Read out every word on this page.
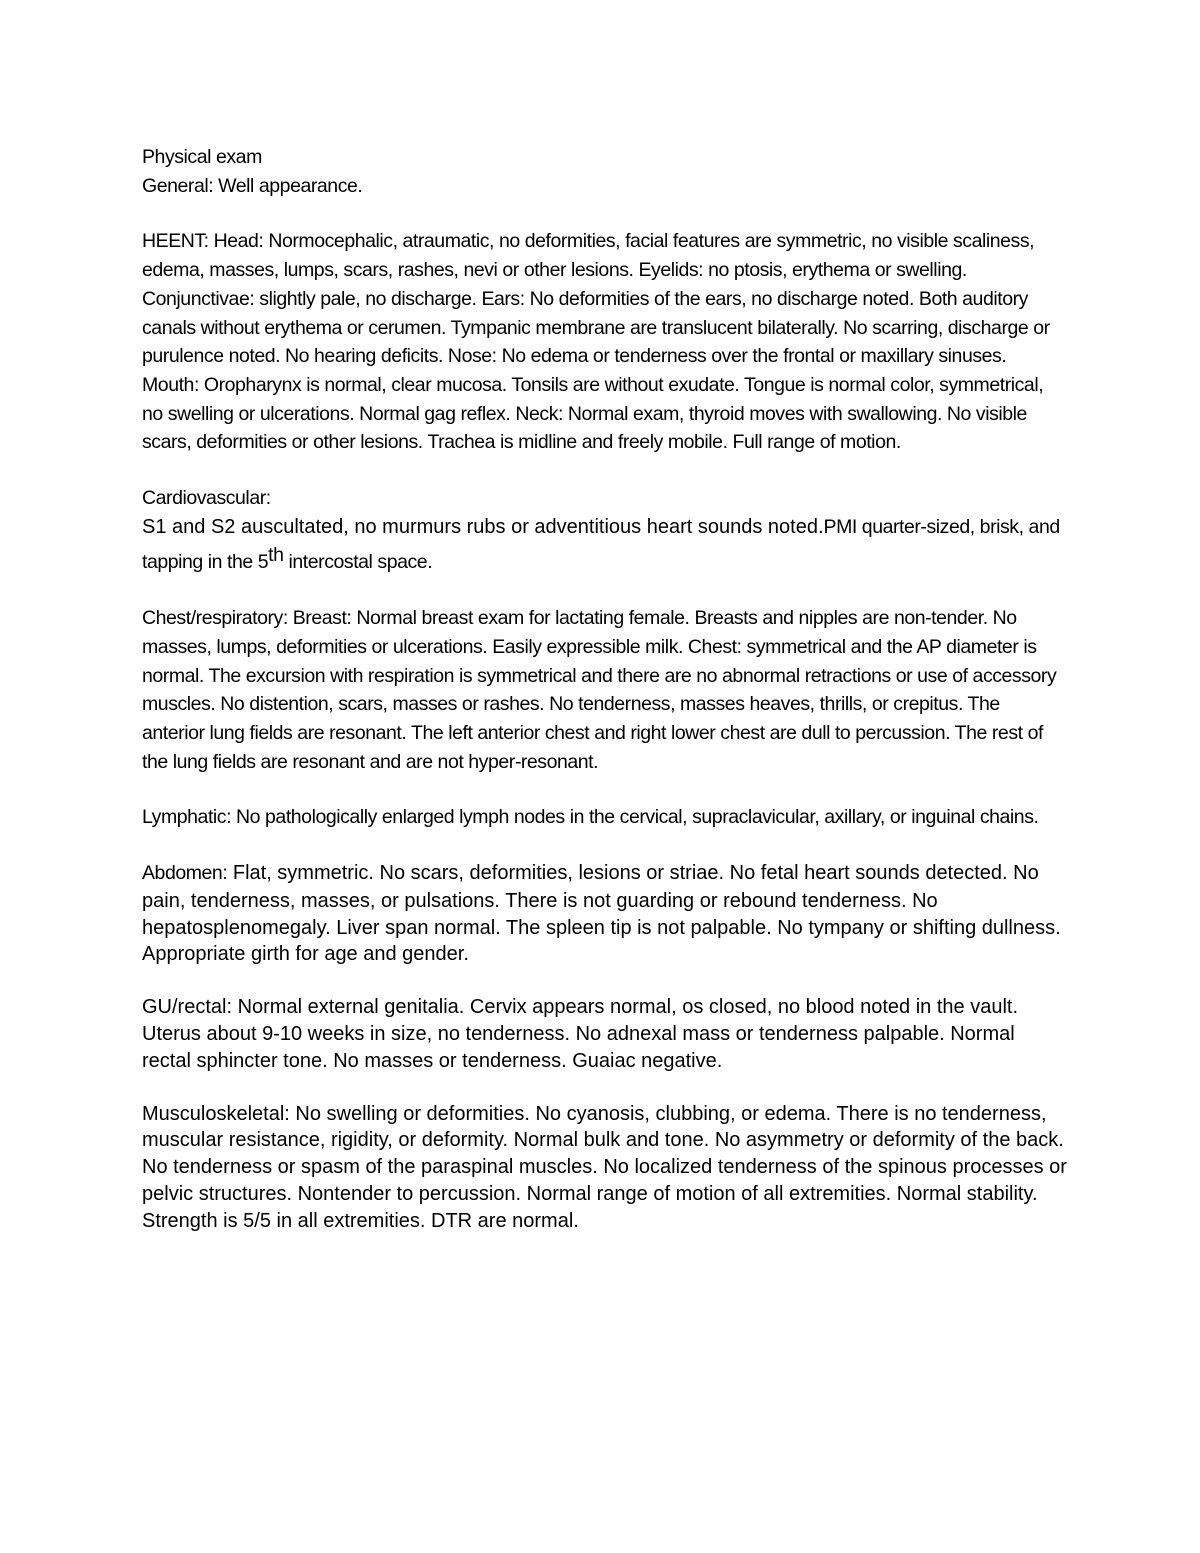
Physical exam

General: Well appearance.

HEENT: Head: Normocephalic, atraumatic, no deformities, facial features are symmetric, no visible scaliness, edema, masses, lumps, scars, rashes, nevi or other lesions. Eyelids: no ptosis, erythema or swelling. Conjunctivae: slightly pale, no discharge. Ears: No deformities of the ears, no discharge noted. Both auditory canals without erythema or cerumen. Tympanic membrane are translucent bilaterally. No scarring, discharge or purulence noted. No hearing deficits. Nose: No edema or tenderness over the frontal or maxillary sinuses. Mouth: Oropharynx is normal, clear mucosa. Tonsils are without exudate. Tongue is normal color, symmetrical, no swelling or ulcerations. Normal gag reflex. Neck: Normal exam, thyroid moves with swallowing. No visible scars, deformities or other lesions. Trachea is midline and freely mobile. Full range of motion.

Cardiovascular:

S1 and S2 auscultated, no murmurs rubs or adventitious heart sounds noted.PMI quarter-sized, brisk, and tapping in the 5th intercostal space.

Chest/respiratory: Breast: Normal breast exam for lactating female. Breasts and nipples are non-tender. No masses, lumps, deformities or ulcerations. Easily expressible milk. Chest: symmetrical and the AP diameter is normal. The excursion with respiration is symmetrical and there are no abnormal retractions or use of accessory muscles. No distention, scars, masses or rashes. No tenderness, masses heaves, thrills, or crepitus. The anterior lung fields are resonant. The left anterior chest and right lower chest are dull to percussion. The rest of the lung fields are resonant and are not hyper-resonant.

Lymphatic: No pathologically enlarged lymph nodes in the cervical, supraclavicular, axillary, or inguinal chains.

Abdomen: Flat, symmetric. No scars, deformities, lesions or striae. No fetal heart sounds detected. No pain, tenderness, masses, or pulsations. There is not guarding or rebound tenderness. No hepatosplenomegaly. Liver span normal. The spleen tip is not palpable. No tympany or shifting dullness. Appropriate girth for age and gender.

GU/rectal: Normal external genitalia. Cervix appears normal, os closed, no blood noted in the vault. Uterus about 9-10 weeks in size, no tenderness. No adnexal mass or tenderness palpable. Normal rectal sphincter tone. No masses or tenderness. Guaiac negative.

Musculoskeletal: No swelling or deformities. No cyanosis, clubbing, or edema. There is no tenderness, muscular resistance, rigidity, or deformity. Normal bulk and tone. No asymmetry or deformity of the back. No tenderness or spasm of the paraspinal muscles. No localized tenderness of the spinous processes or pelvic structures. Nontender to percussion. Normal range of motion of all extremities. Normal stability. Strength is 5/5 in all extremities. DTR are normal.
